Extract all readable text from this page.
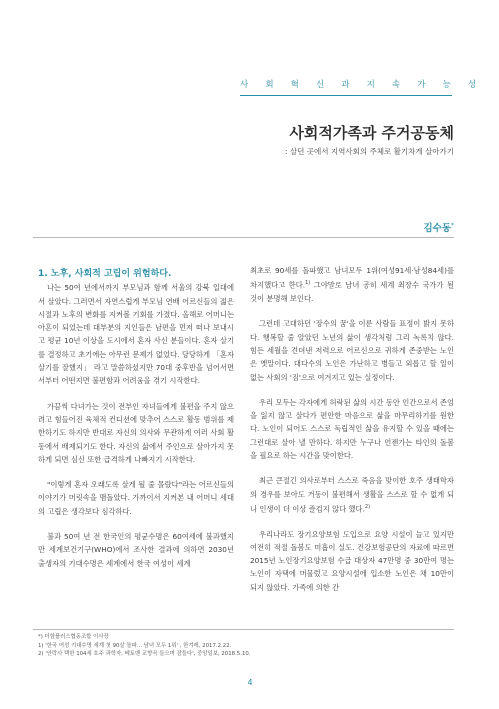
사 회 혁 신 과 지 속 가 능 성
사회적가족과 주거공동체
: 살던 곳에서 지역사회의 주체로 활기차게 살아가기
김수동*

1. 노후, 사회적 고립이 위험하다.

나는 50여 년에서까지 부모님과 함께 서울의 강북 일대에서 살았다. 그러면서 자연스럽게 부모님 연배 어르신들의 젊은 시절과 노후의 변화를 지켜볼 기회를 가졌다. 올해로 어머니는 아흔이 되었는데 대부분의 지인들은 남편을 먼저 떠나 보내시고 평균 10년 이상을 도시에서 혼자 사신 분들이다. 혼자 살기를 결정하고 초기에는 아무런 문제가 없었다. 당당하게 「혼자 살기를 잘했지」 라고 말씀하셨지만 70대 중후반을 넘어서면서부터 어떤지면 불편함과 어려움을 겪기 시작한다.

가끔씩 다녀가는 것이 전부인 자녀들에게 불편을 주지 않으려고 힘들어진 육체적 컨디션에 맞추어 스스로 활동 범위를 제한하기도 하지만 반대로 자신의 의사와 무관하게 여러 사회 활동에서 배제되기도 한다. 자신의 삶에서 주인으로 살아가지 못하게 되면 심신 또한 급격하게 나빠지기 시작한다.

"이렇게 혼자 오래도록 살게 될 줄 몰랐다"라는 어르신들의 이야기가 머릿속을 맴돌았다. 가까이서 지켜본 내 어머니 세대의 고립은 생각보다 심각하다.

불과 50여 년 전 한국인의 평균수명은 60여세에 불과했지만 세계보건기구(WHO)에서 조사한 결과에 의하면 2030년 출생자의 기대수명은 세계에서 한국 여성이 세계

최초로 90세를 돌파했고 남녀모두 1위(여성91세·남성84세)를 차지했다고 한다.$^{1)}$ 그야말로 남녀 공히 세계 최장수 국가가 될 것이 분명해 보인다.

그런데 고대하던 '장수의 꿈'을 이룬 사람들 표정이 밝지 못하다. 행복할 줄 알았던 노년의 삶이 생각처럼 그리 녹록치 않다. 힘든 세월을 견뎌낸 저력으로 어르신으로 귀하게 존중받는 노인은 옛말이다. 대다수의 노인은 가난하고 병들고 외롭고 할 일이 없는 사회의 '짐'으로 여겨지고 있는 실정이다.

우리 모두는 각자에게 허락된 삶의 시간 동안 인간으로서 존엄을 잃지 않고 살다가 편안한 마음으로 삶을 마무리하기를 원한다. 노인이 되어도 스스로 독립적인 삶을 유지할 수 있을 때에는 그런대로 살아 낼 만하다. 하지만 누구나 언젠가는 타인의 돌봄을 필요로 하는 시간을 맞이한다.

최근 큰절긴 의사로부터 스스로 죽음을 맞이한 호주 생태학자의 경우를 보아도 거동이 불편해서 생활을 스스로 할 수 없게 되니 인생이 더 이상 즐겁지 않다 했다.$^{2)}$

우리나라도 장기요양보험 도입으로 요양 시설이 늘고 있지만 여전히 적절 돌봄도 미흡이 실도. 건강보험공단의 자료에 따르면 2015년 노인장기요양보험 수급 대상자 47만명 중 30만여 명는 노인이 자택에 머물렀고 요양시설에 입소한 노인은 채 10만이 되지 않았다. 가족에 의한 간

*) 더함플러스협동조합 이사장
1) '한국 여성 기대수명 세계 첫 90살 돌파... 남녀 모두 1위' , 한겨레, 2017.2.22.
2) '안락사 택한 104세 호주 과학자, 베토벤 교향곡 들으며 잠들다', 중앙일보, 2018.5.10.
4
